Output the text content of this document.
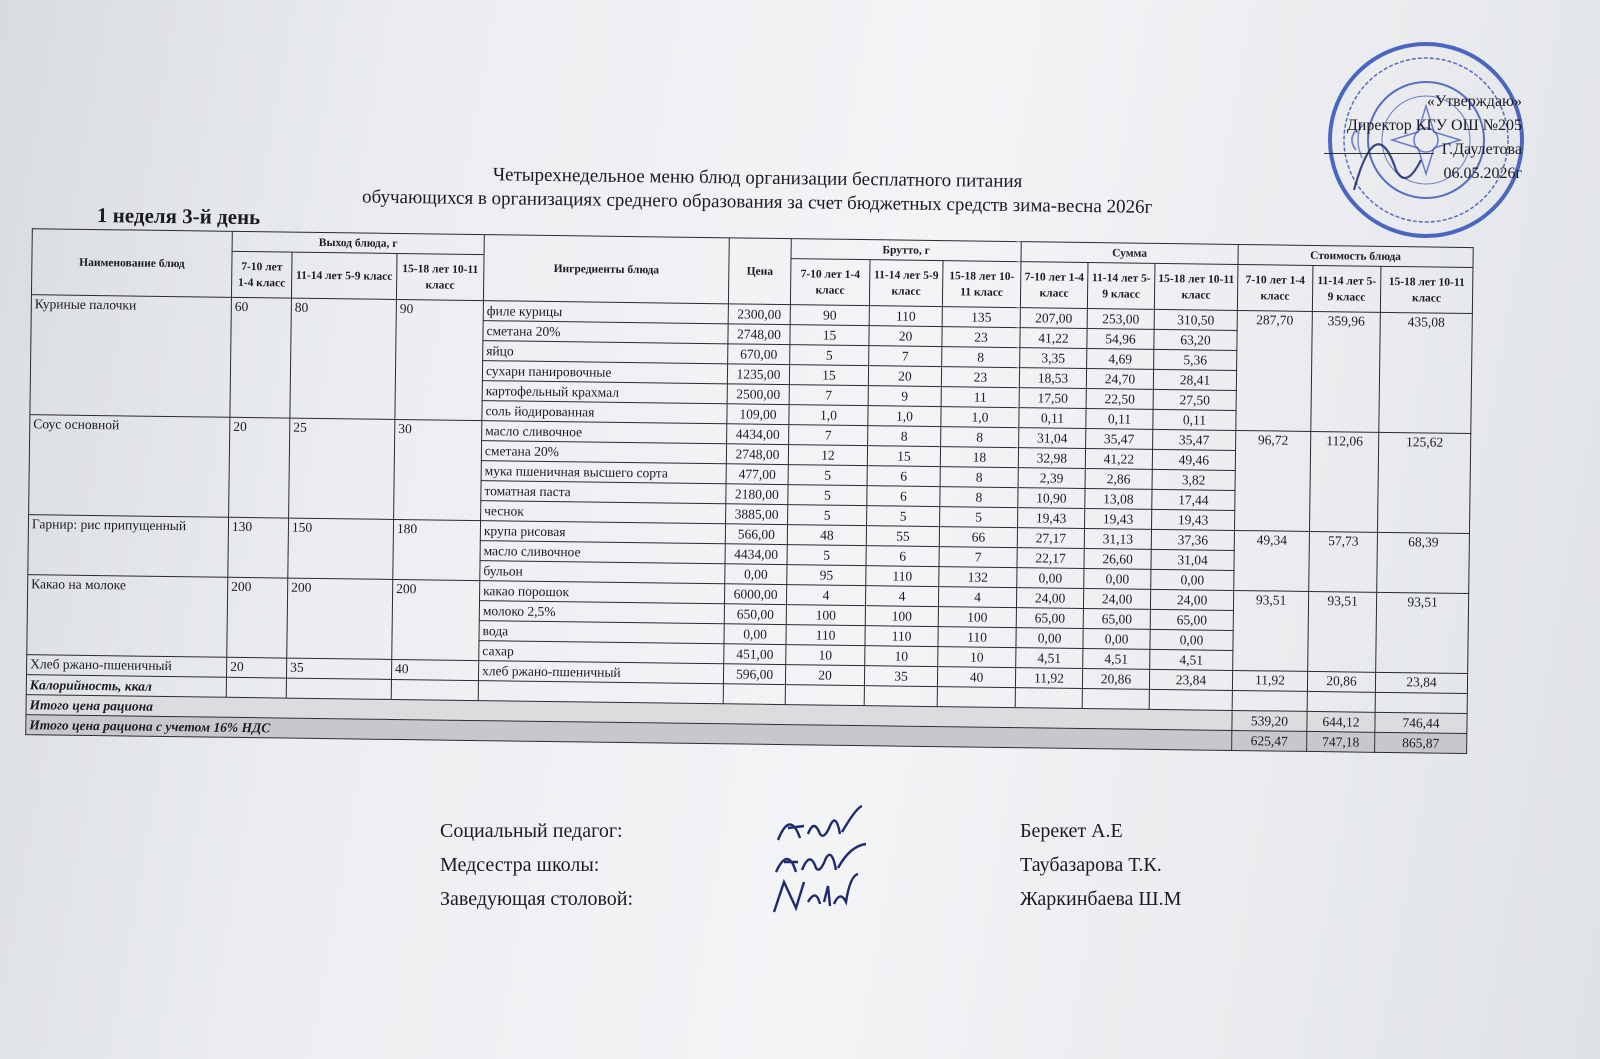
«Утверждаю»
Директор КГУ ОШ №205
Г.Даулетова
06.05.2026г
Четырехнедельное меню блюд организации бесплатного питания
обучающихся в организациях среднего образования за счет бюджетных средств зима-весна 2026г
1 неделя 3-й день
Наименование блюд	Выход блюда, г			Ингредиенты блюда	Цена	Брутто, г			Сумма			Стоимость блюда		
	7-10 лет 1-4 класс	11-14 лет 5-9 класс	15-18 лет 10-11 класс			7-10 лет 1-4 класс	11-14 лет 5-9 класс	15-18 лет 10-11 класс	7-10 лет 1-4 класс	11-14 лет 5-9 класс	15-18 лет 10-11 класс	7-10 лет 1-4 класс	11-14 лет 5-9 класс	15-18 лет 10-11 класс
Куриные палочки	60	80	90	филе курицы	2300,00	90	110	135	207,00	253,00	310,50	287,70	359,96	435,08
				сметана 20%	2748,00	15	20	23	41,22	54,96	63,20			
				яйцо	670,00	5	7	8	3,35	4,69	5,36			
				сухари панировочные	1235,00	15	20	23	18,53	24,70	28,41			
				картофельный крахмал	2500,00	7	9	11	17,50	22,50	27,50			
				соль йодированная	109,00	1,0	1,0	1,0	0,11	0,11	0,11			
Соус основной	20	25	30	масло сливочное	4434,00	7	8	8	31,04	35,47	35,47	96,72	112,06	125,62
				сметана 20%	2748,00	12	15	18	32,98	41,22	49,46			
				мука пшеничная высшего сорта	477,00	5	6	8	2,39	2,86	3,82			
				томатная паста	2180,00	5	6	8	10,90	13,08	17,44			
				чеснок	3885,00	5	5	5	19,43	19,43	19,43			
Гарнир: рис припущенный	130	150	180	крупа рисовая	566,00	48	55	66	27,17	31,13	37,36	49,34	57,73	68,39
				масло сливочное	4434,00	5	6	7	22,17	26,60	31,04			
				бульон	0,00	95	110	132	0,00	0,00	0,00			
Какао на молоке	200	200	200	какао порошок	6000,00	4	4	4	24,00	24,00	24,00	93,51	93,51	93,51
				молоко 2,5%	650,00	100	100	100	65,00	65,00	65,00			
				вода	0,00	110	110	110	0,00	0,00	0,00			
				сахар	451,00	10	10	10	4,51	4,51	4,51			
Хлеб ржано-пшеничный	20	35	40	хлеб ржано-пшеничный	596,00	20	35	40	11,92	20,86	23,84	11,92	20,86	23,84
Калорийность, ккал														
Итого цена рациона												539,20	644,12	746,44
Итого цена рациона с учетом 16% НДС												625,47	747,18	865,87
Социальный педагог:	Берекет А.Е
Медсестра школы:	Таубазарова Т.К.
Заведующая столовой:	Жаркинбаева Ш.М
